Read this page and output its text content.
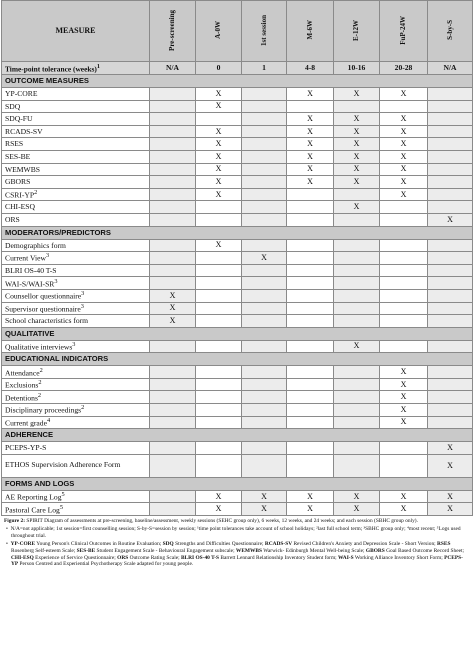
MEASURE	Pre-screening	A-0W	1st session	M-6W	E-12W	FuP-24W	S-by-S
Time-point tolerance (weeks)$^1$	N/A	0	1	4-8	10-16	20-28	N/A
OUTCOME MEASURES							
YP-CORE		X		X	X	X	
SDQ		X					
SDQ-FU				X	X	X	
RCADS-SV		X		X	X	X	
RSES		X		X	X	X	
SES-BE		X		X	X	X	
WEMWBS		X		X	X	X	
GBORS		X		X	X	X	
CSRI-$YP^2$		X				X	
CHI-ESQ					X		
ORS							X
MODERATORS/PREDICTORS							
Demographics form		X					
Current View$^3$			X				
BLRI OS-40 T-S							
WAI-$S/WAI-SR^3$							
Counsellor questionnaire$^3$	X						
Supervisor questionnaire$^3$	X						
School characteristics form	X						
QUALITATIVE							
Qualitative interviews$^3$					X		
EDUCATIONAL INDICATORS							
Attendance$^2$						X	
Exclusions$^2$						X	
Detentions$^2$						X	
Disciplinary proceedings$^2$						X	
Current grade$^4$						X	
ADHERENCE							
PCEPS-YP-S							X
ETHOS Supervision Adherence Form							X
FORMS AND LOGS							
AE Reporting Log$^5$		X	X	X	X	X	X
Pastoral Care Log$^5$		X	X	X	X	X	X

Figure 2: SPIRIT Diagram of assessments at pre-screening, baseline/assessment, weekly sessions (SEHC group only), 6 weeks, 12 weeks, and 24 weeks; and each session (SBHC group only).

•  N/A=not applicable; 1st session=first counselling session; S-by-S=session by session; ¹time point tolerances take account of school holidays; ²last full school term; ³SBHC group only; ⁴most recent; ⁵Logs used throughout trial.

•  YP-CORE Young Person's Clinical Outcomes in Routine Evaluation; SDQ Strengths and Difficulties Questionnaire; RCADS-SV Revised Children's Anxiety and Depression Scale - Short Version; RSES Rosenberg Self-esteem Scale; SES-BE Student Engagement Scale - Behavioural Engagement subscale; WEMWBS Warwick- Edinburgh Mental Well-being Scale; GBORS Goal Based Outcome Record Sheet; CHI-ESQ Experience of Service Questionnaire; ORS Outcome Rating Scale; BLRI OS-40 T-S Barrett Lennard Relationship Inventory Student form; WAI-S Working Alliance Inventory Short Form; PCEPS-YP Person Centred and Experiential Psychotherapy Scale adapted for young people.
